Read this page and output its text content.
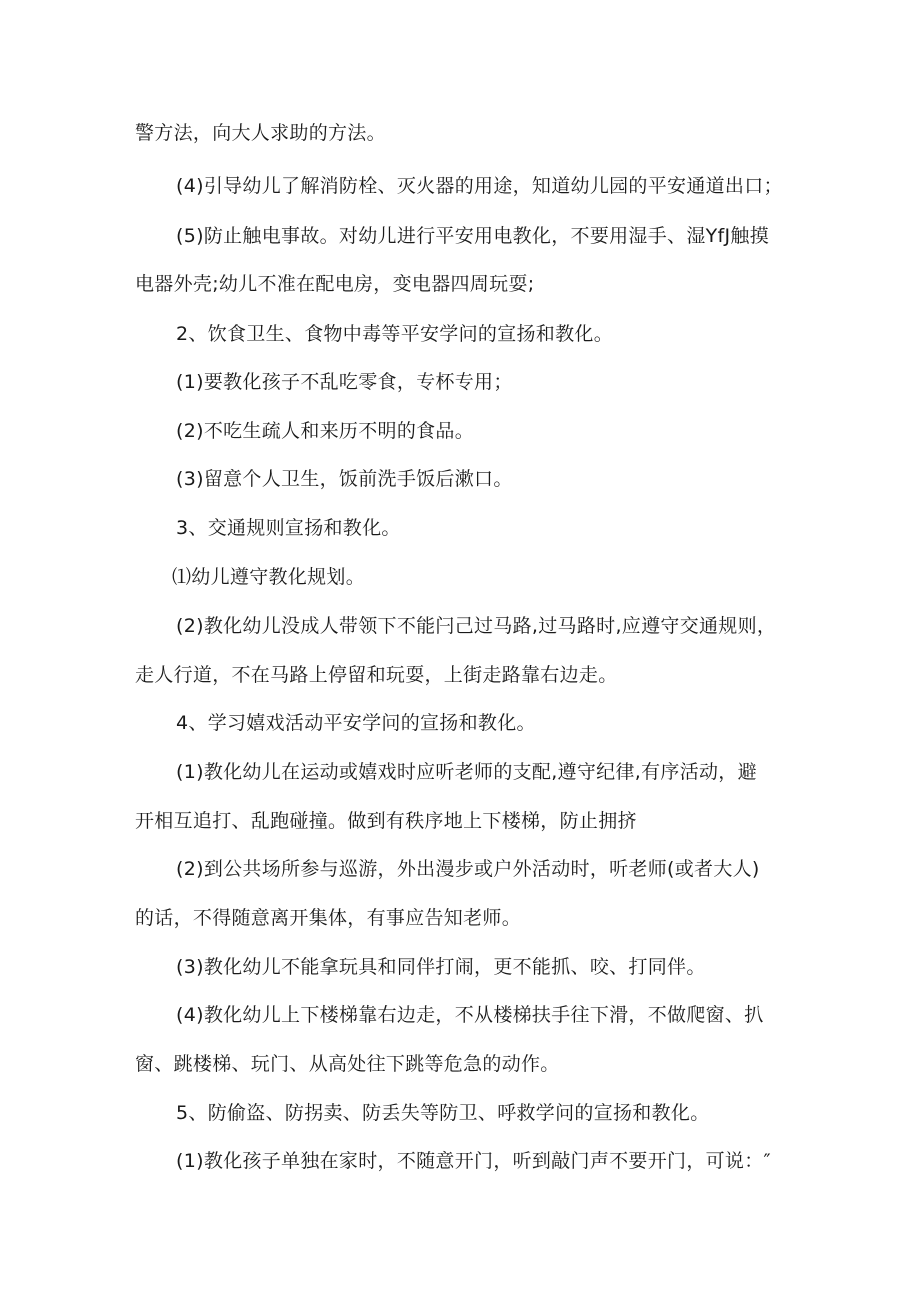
警方法，向大人求助的方法。

(4)引导幼儿了解消防栓、灭火器的用途，知道幼儿园的平安通道出口；

(5)防止触电事故。对幼儿进行平安用电教化，不要用湿手、湿YfJ触摸

电器外壳;幼儿不准在配电房，变电器四周玩耍;

2、饮食卫生、食物中毒等平安学问的宣扬和教化。

(1)要教化孩子不乱吃零食，专杯专用；

(2)不吃生疏人和来历不明的食品。

(3)留意个人卫生，饭前洗手饭后漱口。

3、交通规则宣扬和教化。

⑴幼儿遵守教化规划。

(2)教化幼儿没成人带领下不能闩己过马路,过马路时,应遵守交通规则，

走人行道，不在马路上停留和玩耍，上街走路靠右边走。

4、学习嬉戏活动平安学问的宣扬和教化。

(1)教化幼儿在运动或嬉戏时应听老师的支配,遵守纪律,有序活动，避

开相互追打、乱跑碰撞。做到有秩序地上下楼梯，防止拥挤

(2)到公共场所参与巡游，外出漫步或户外活动时，听老师(或者大人)

的话，不得随意离开集体，有事应告知老师。

(3)教化幼儿不能拿玩具和同伴打闹，更不能抓、咬、打同伴。

(4)教化幼儿上下楼梯靠右边走，不从楼梯扶手往下滑，不做爬窗、扒

窗、跳楼梯、玩门、从高处往下跳等危急的动作。

5、防偷盗、防拐卖、防丢失等防卫、呼救学问的宣扬和教化。

(1)教化孩子单独在家时，不随意开门，听到敲门声不要开门，可说：″
